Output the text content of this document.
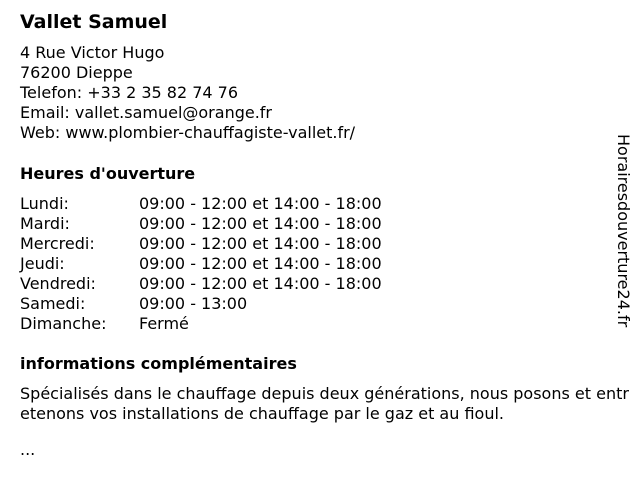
Vallet Samuel
4 Rue Victor Hugo
76200 Dieppe
Telefon: +33 2 35 82 74 76
Email: vallet.samuel@orange.fr
Web: www.plombier-chauffagiste-vallet.fr/
Heures d'ouverture
Lundi:	09:00 - 12:00 et 14:00 - 18:00
Mardi:	09:00 - 12:00 et 14:00 - 18:00
Mercredi:	09:00 - 12:00 et 14:00 - 18:00
Jeudi:	09:00 - 12:00 et 14:00 - 18:00
Vendredi:	09:00 - 12:00 et 14:00 - 18:00
Samedi:	09:00 - 13:00
Dimanche: Fermé
informations complémentaires
Spécialisés dans le chauffage depuis deux générations, nous posons et entretenons vos installations de chauffage par le gaz et au fioul.
...
Horairesdouverture24.fr
